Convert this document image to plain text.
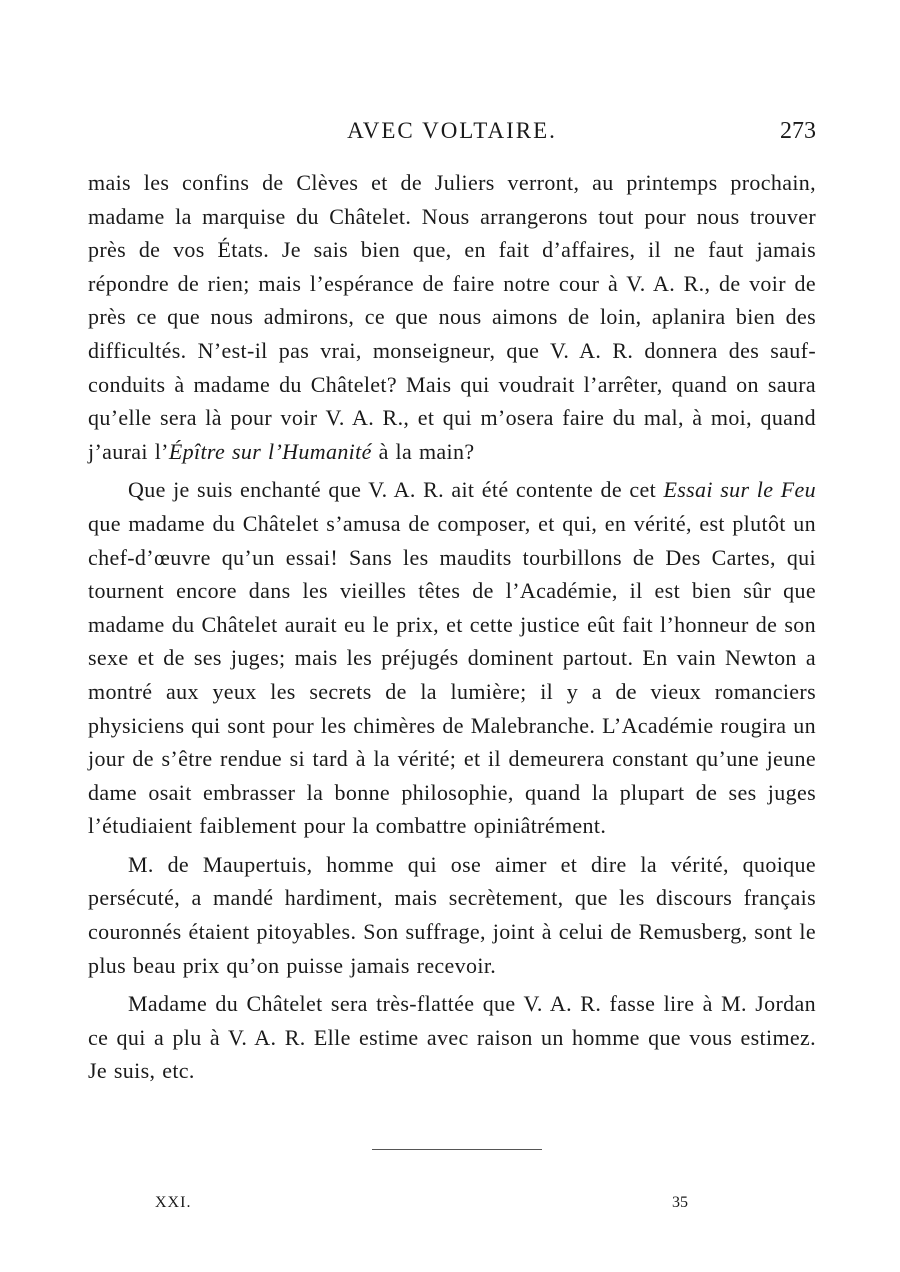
AVEC VOLTAIRE.	273

mais les confins de Clèves et de Juliers verront, au printemps prochain, madame la marquise du Châtelet. Nous arrangerons tout pour nous trouver près de vos États. Je sais bien que, en fait d’affaires, il ne faut jamais répondre de rien; mais l’espérance de faire notre cour à V. A. R., de voir de près ce que nous admirons, ce que nous aimons de loin, aplanira bien des difficultés. N’est-il pas vrai, monseigneur, que V. A. R. donnera des sauf-conduits à madame du Châtelet? Mais qui voudrait l’arrêter, quand on saura qu’elle sera là pour voir V. A. R., et qui m’osera faire du mal, à moi, quand j’aurai l’Épître sur l’Humanité à la main?

Que je suis enchanté que V. A. R. ait été contente de cet Essai sur le Feu que madame du Châtelet s’amusa de composer, et qui, en vérité, est plutôt un chef-d’œuvre qu’un essai! Sans les maudits tourbillons de Des Cartes, qui tournent encore dans les vieilles têtes de l’Académie, il est bien sûr que madame du Châtelet aurait eu le prix, et cette justice eût fait l’honneur de son sexe et de ses juges; mais les préjugés dominent partout. En vain Newton a montré aux yeux les secrets de la lumière; il y a de vieux romanciers physiciens qui sont pour les chimères de Malebranche. L’Académie rougira un jour de s’être rendue si tard à la vérité; et il demeurera constant qu’une jeune dame osait embrasser la bonne philosophie, quand la plupart de ses juges l’étudiaient faiblement pour la combattre opiniâtrément.

M. de Maupertuis, homme qui ose aimer et dire la vérité, quoique persécuté, a mandé hardiment, mais secrètement, que les discours français couronnés étaient pitoyables. Son suffrage, joint à celui de Remusberg, sont le plus beau prix qu’on puisse jamais recevoir.

Madame du Châtelet sera très-flattée que V. A. R. fasse lire à M. Jordan ce qui a plu à V. A. R. Elle estime avec raison un homme que vous estimez. Je suis, etc.

XXI.	35
